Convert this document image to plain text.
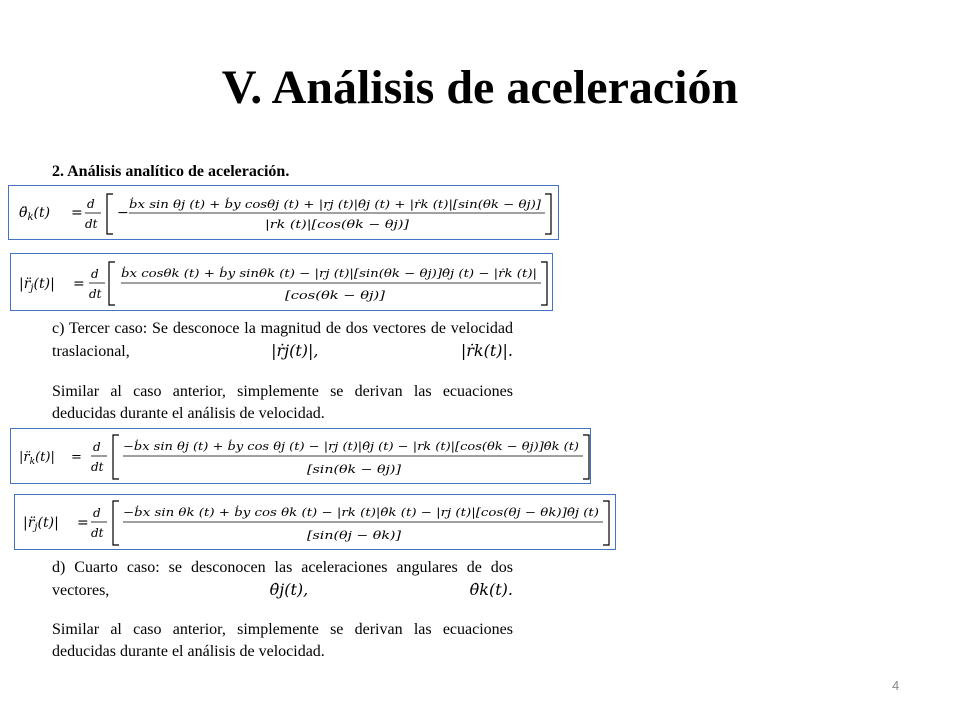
V. Análisis de aceleración

2. Análisis analítico de aceleración.

$\thetä_k(t)$ =
d
dt
−
ḃx sin θj (t) + ḃy cosθj (t) + |rj (t)|θ̇j (t) + |ṙk (t)|[sin(θk − θj)]
|rk (t)|[cos(θk − θj)]
$|r̈_j(t)|$ =
d
dt
ḃx cosθk (t) + ḃy sinθk (t) − |rj (t)|[sin(θk − θj)]θ̇j (t) − |ṙk (t)|
[cos(θk − θj)]

c) Tercer caso: Se desconoce la magnitud de dos vectores de velocidad traslacional,	|ṙj(t)|, |ṙk(t)|.

Similar al caso anterior, simplemente se derivan las ecuaciones deducidas durante el análisis de velocidad.

$|r̈_k(t)|$ =
d
dt
−ḃx sin θj (t) + ḃy cos θj (t) − |rj (t)|θ̇j (t) − |rk (t)|[cos(θk − θj)]θ̇k (t)
[sin(θk − θj)]
$|r̈_j(t)|$ =
d
dt
−ḃx sin θk (t) + ḃy cos θk (t) − |rk (t)|θ̇k (t) − |rj (t)|[cos(θj − θk)]θ̇j (t)
[sin(θj − θk)]

d) Cuarto caso: se desconocen las aceleraciones angulares de dos vectores,	θ̇j(t), θ̇k(t).

Similar al caso anterior, simplemente se derivan las ecuaciones deducidas durante el análisis de velocidad.

4
